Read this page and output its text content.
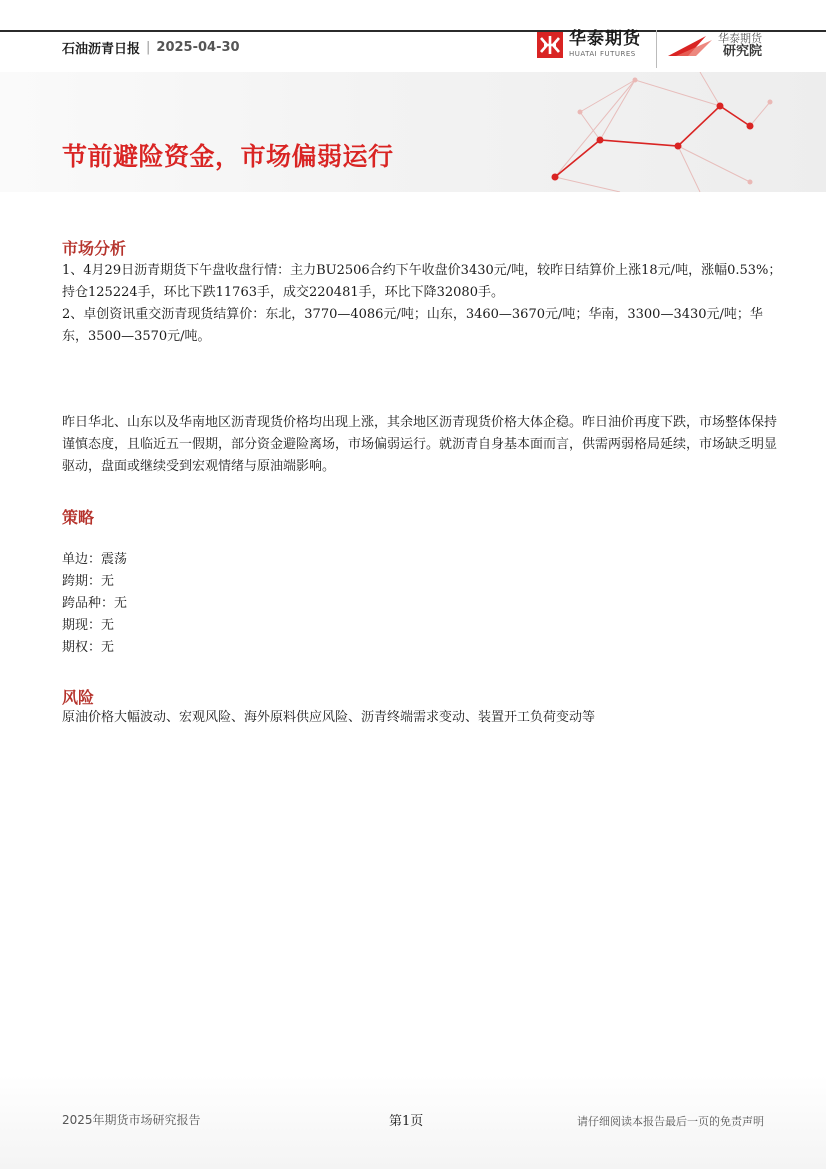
石油沥青日报 | 2025-04-30	华泰期货
HUATAI FUTURES
华泰期货
研究院
节前避险资金，市场偏弱运行
市场分析
1、4月29日沥青期货下午盘收盘行情：主力BU2506合约下午收盘价3430元/吨，较昨日结算价上涨18元/吨，涨幅0.53%；持仓125224手，环比下跌11763手，成交220481手，环比下降32080手。
2、卓创资讯重交沥青现货结算价：东北，3770—4086元/吨；山东，3460—3670元/吨；华南，3300—3430元/吨；华东，3500—3570元/吨。
昨日华北、山东以及华南地区沥青现货价格均出现上涨，其余地区沥青现货价格大体企稳。昨日油价再度下跌，市场整体保持谨慎态度，且临近五一假期，部分资金避险离场，市场偏弱运行。就沥青自身基本面而言，供需两弱格局延续，市场缺乏明显驱动，盘面或继续受到宏观情绪与原油端影响。
策略
单边：震荡
跨期：无
跨品种：无
期现：无
期权：无
风险
原油价格大幅波动、宏观风险、海外原料供应风险、沥青终端需求变动、装置开工负荷变动等
2025年期货市场研究报告	第1页	请仔细阅读本报告最后一页的免责声明
